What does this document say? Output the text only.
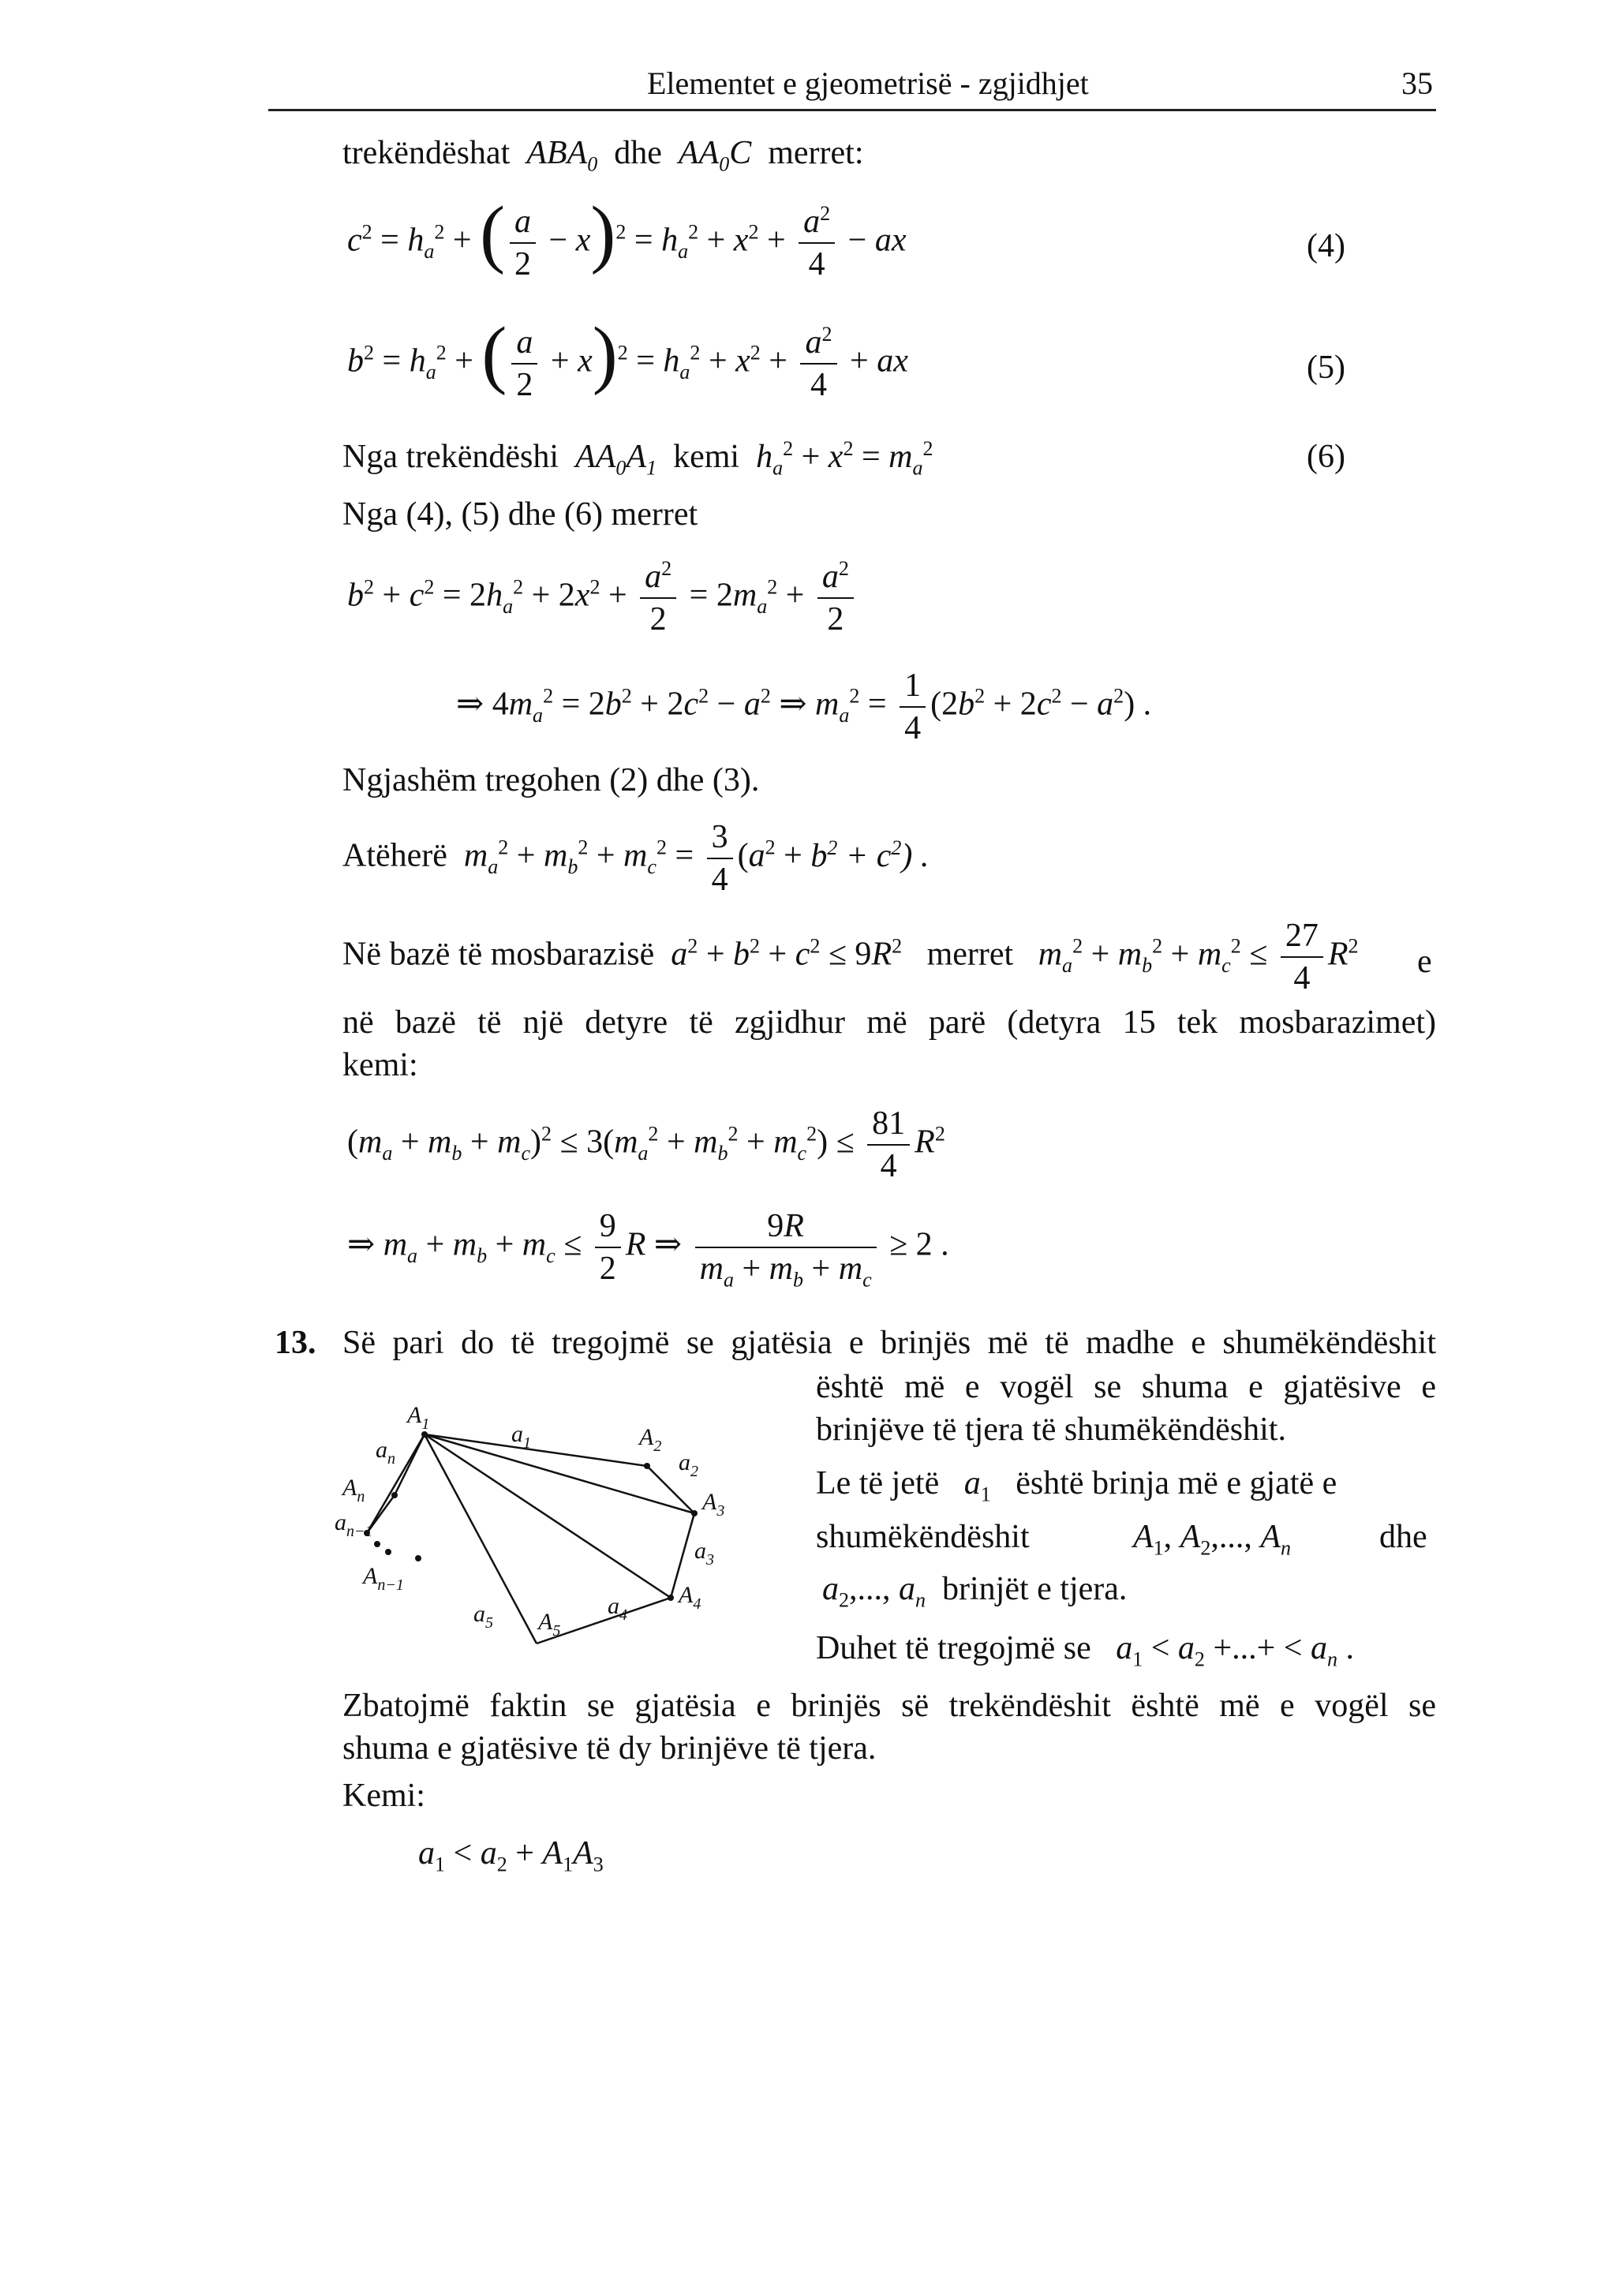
Elementet e gjeometrisë - zgjidhjet	35
trekëndëshat $ABA_0$ dhe $AA_0C$ merret:
$c^2 = h_a^2$ + ( $\frac{a}{2} - x)^2 = h_a^2 + x^2 + \frac{a^2}{4}$ − ax	(4)
$b^2 = h_a^2$ + ( $\frac{a}{2} + x)^2 = h_a^2 + x^2 + \frac{a^2}{4}$ + ax	(5)
Nga trekëndëshi $AA_0A_1$ kemi $h_a^2 + x^2 = m_a^2$	(6)
Nga (4), (5) dhe (6) merret
$b^2 + c^2 = 2h_a^2 + 2x^2 + \frac{a^2}{2} = 2m_a^2 + \frac{a^2}{2}$
⇒ $4m_a^2 = 2b^2 + 2c^2 - a^2$ ⇒ $m_a^2 = \frac{1}{4} (2b^2 + 2c^2 - a^2)$ .
Ngjashëm tregohen (2) dhe (3).
Atëherë $m_a^2 + m_b^2 + m_c^2 = \frac{3}{4} (a^2 + b^2 + c^2)$ .
Në bazë të mosbarazisë $a^2 + b^2 + c^2 \le 9R^2$ merret $m_a^2 + m_b^2 + m_c^2 \le \frac{27}{4} R^2$	e
në bazë të një detyre të zgjidhur më parë (detyra 15 tek mosbarazimet)
kemi:
$(m_a + m_b + m_c)^2 \le 3(m_a^2 + m_b^2 + m_c^2) \le \frac{81}{4} R^2$
⇒ $m_a + m_b + m_c \le \frac{9}{2}$ R ⇒ $\frac{9R}{m_a + m_b + m_c} \ge 2$ .
13. Së pari do të tregojmë se gjatësia e brinjës më të madhe e shumëkëndëshit
është më e vogël se shuma e gjatësive e
brinjëve të tjera të shumëkëndëshit.
Le të jetë $a_1$ është brinja më e gjatë e
shumëkëndëshit	$A_1$, $A_2$,..., $A_n$	dhe
$a_2$,..., $a_n$ brinjët e tjera.
Duhet të tregojmë se $a_1 < a_2$ +...+ < $a_n$ .
Zbatojmë faktin se gjatësia e brinjës së trekëndëshit është më e vogël se
shuma e gjatësive të dy brinjëve të tjera.
Kemi:
$a_1 < a_2 + A_1A_3$
$A_1$	$A_2$
$A_3$
$A_4$
$A_5$
$A_n$
$A_{n-1}$
$a_1$
$a_2$
$a_3$
$a_4$
$a_5$
$a_n$
$a_{n-1}$
